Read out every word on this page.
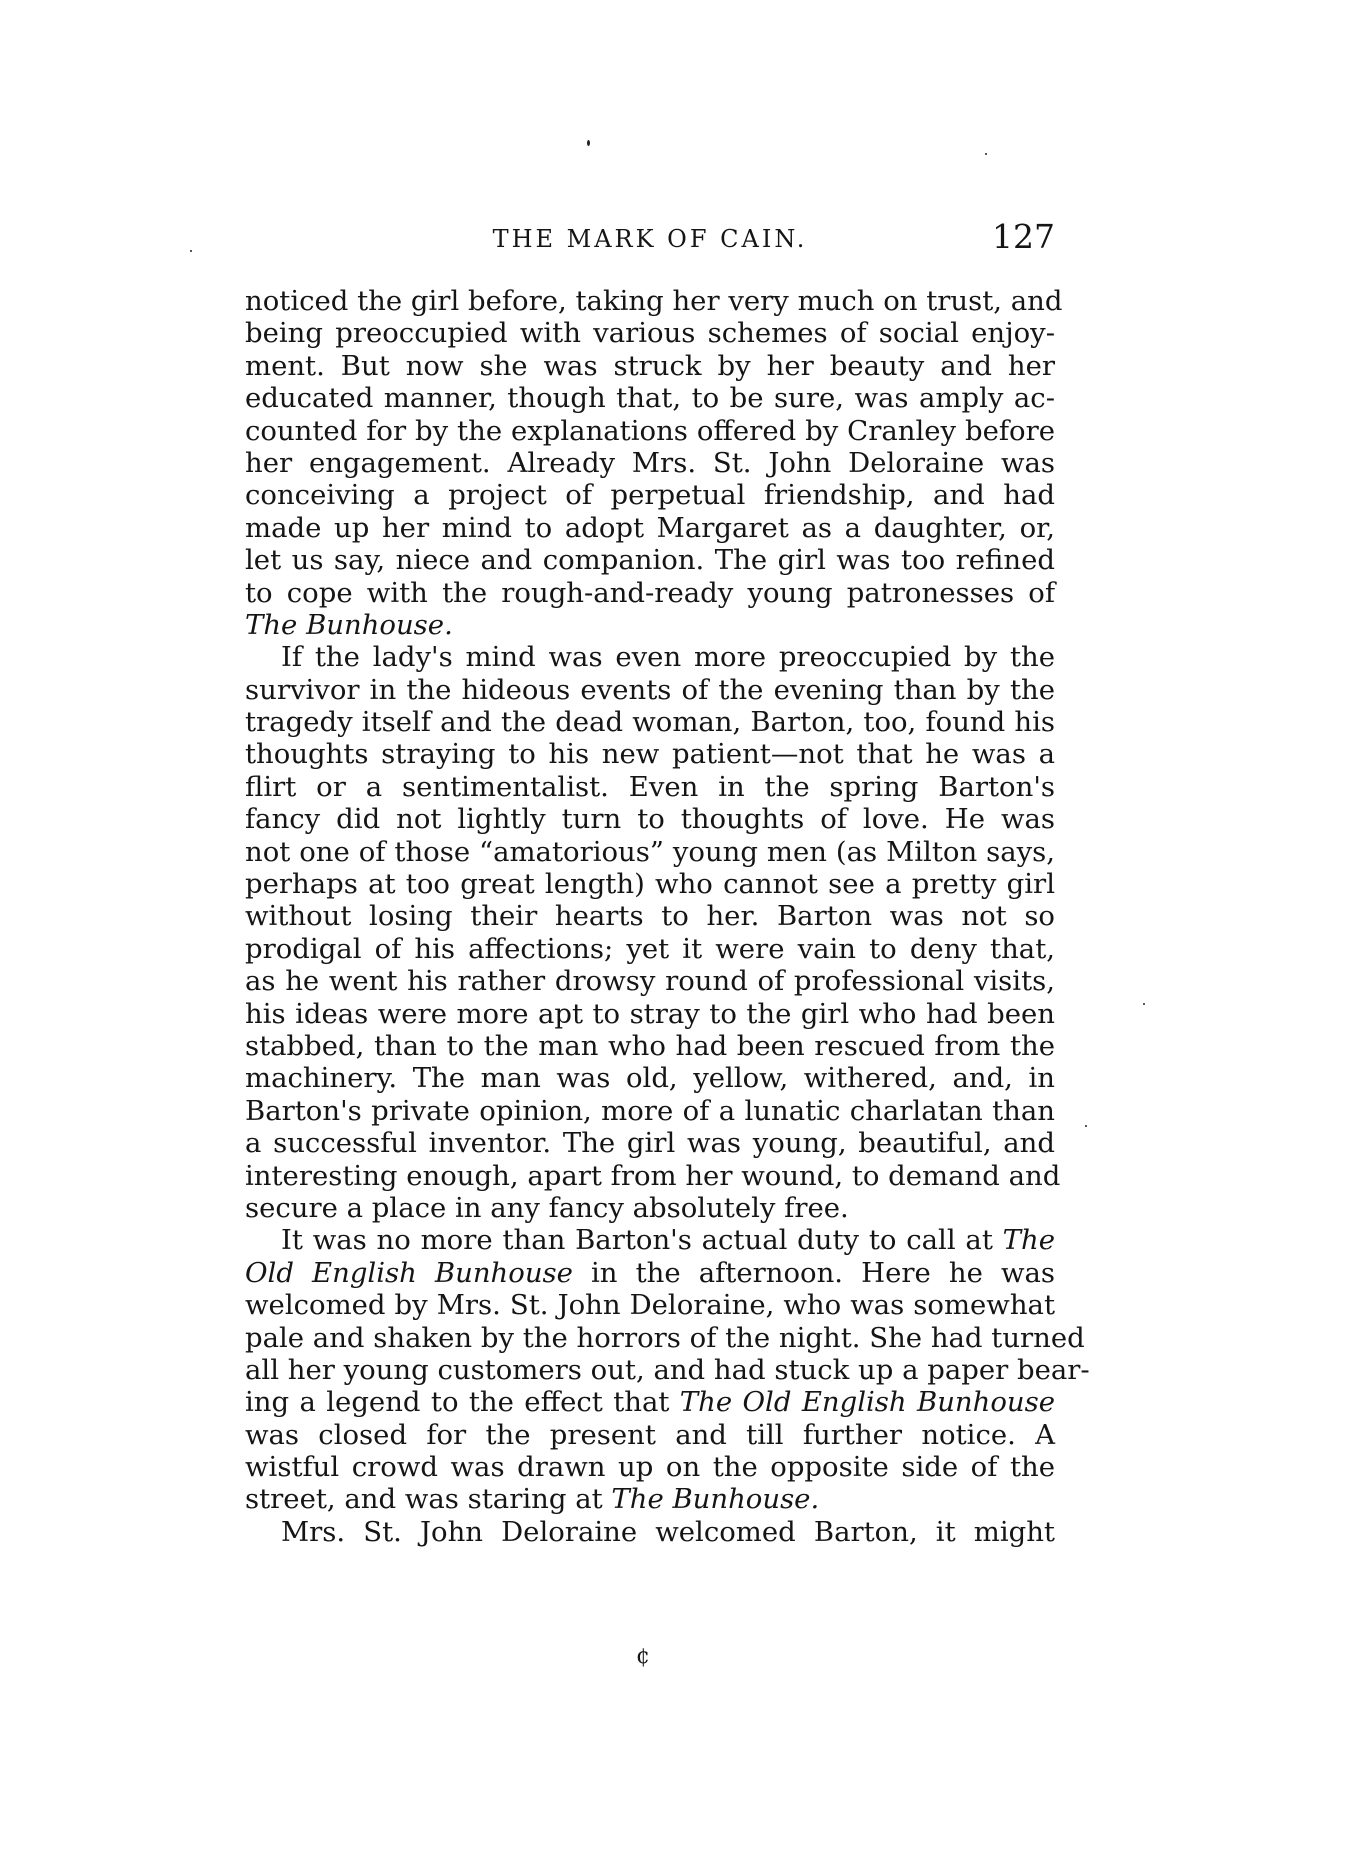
THE MARK OF CAIN.	127
noticed the girl before, taking her very much on trust, and
being preoccupied with various schemes of social enjoy-
ment. But now she was struck by her beauty and her
educated manner, though that, to be sure, was amply ac-
counted for by the explanations offered by Cranley before
her engagement. Already Mrs. St. John Deloraine was
conceiving a project of perpetual friendship, and had
made up her mind to adopt Margaret as a daughter, or,
let us say, niece and companion. The girl was too refined
to cope with the rough-and-ready young patronesses of
The Bunhouse.
If the lady's mind was even more preoccupied by the
survivor in the hideous events of the evening than by the
tragedy itself and the dead woman, Barton, too, found his
thoughts straying to his new patient—not that he was a
flirt or a sentimentalist. Even in the spring Barton's
fancy did not lightly turn to thoughts of love. He was
not one of those “amatorious” young men (as Milton says,
perhaps at too great length) who cannot see a pretty girl
without losing their hearts to her. Barton was not so
prodigal of his affections; yet it were vain to deny that,
as he went his rather drowsy round of professional visits,
his ideas were more apt to stray to the girl who had been
stabbed, than to the man who had been rescued from the
machinery. The man was old, yellow, withered, and, in
Barton's private opinion, more of a lunatic charlatan than
a successful inventor. The girl was young, beautiful, and
interesting enough, apart from her wound, to demand and
secure a place in any fancy absolutely free.
It was no more than Barton's actual duty to call at The
Old English Bunhouse in the afternoon. Here he was
welcomed by Mrs. St. John Deloraine, who was somewhat
pale and shaken by the horrors of the night. She had turned
all her young customers out, and had stuck up a paper bear-
ing a legend to the effect that The Old English Bunhouse
was closed for the present and till further notice. A
wistful crowd was drawn up on the opposite side of the
street, and was staring at The Bunhouse.
Mrs. St. John Deloraine welcomed Barton, it might
¢
